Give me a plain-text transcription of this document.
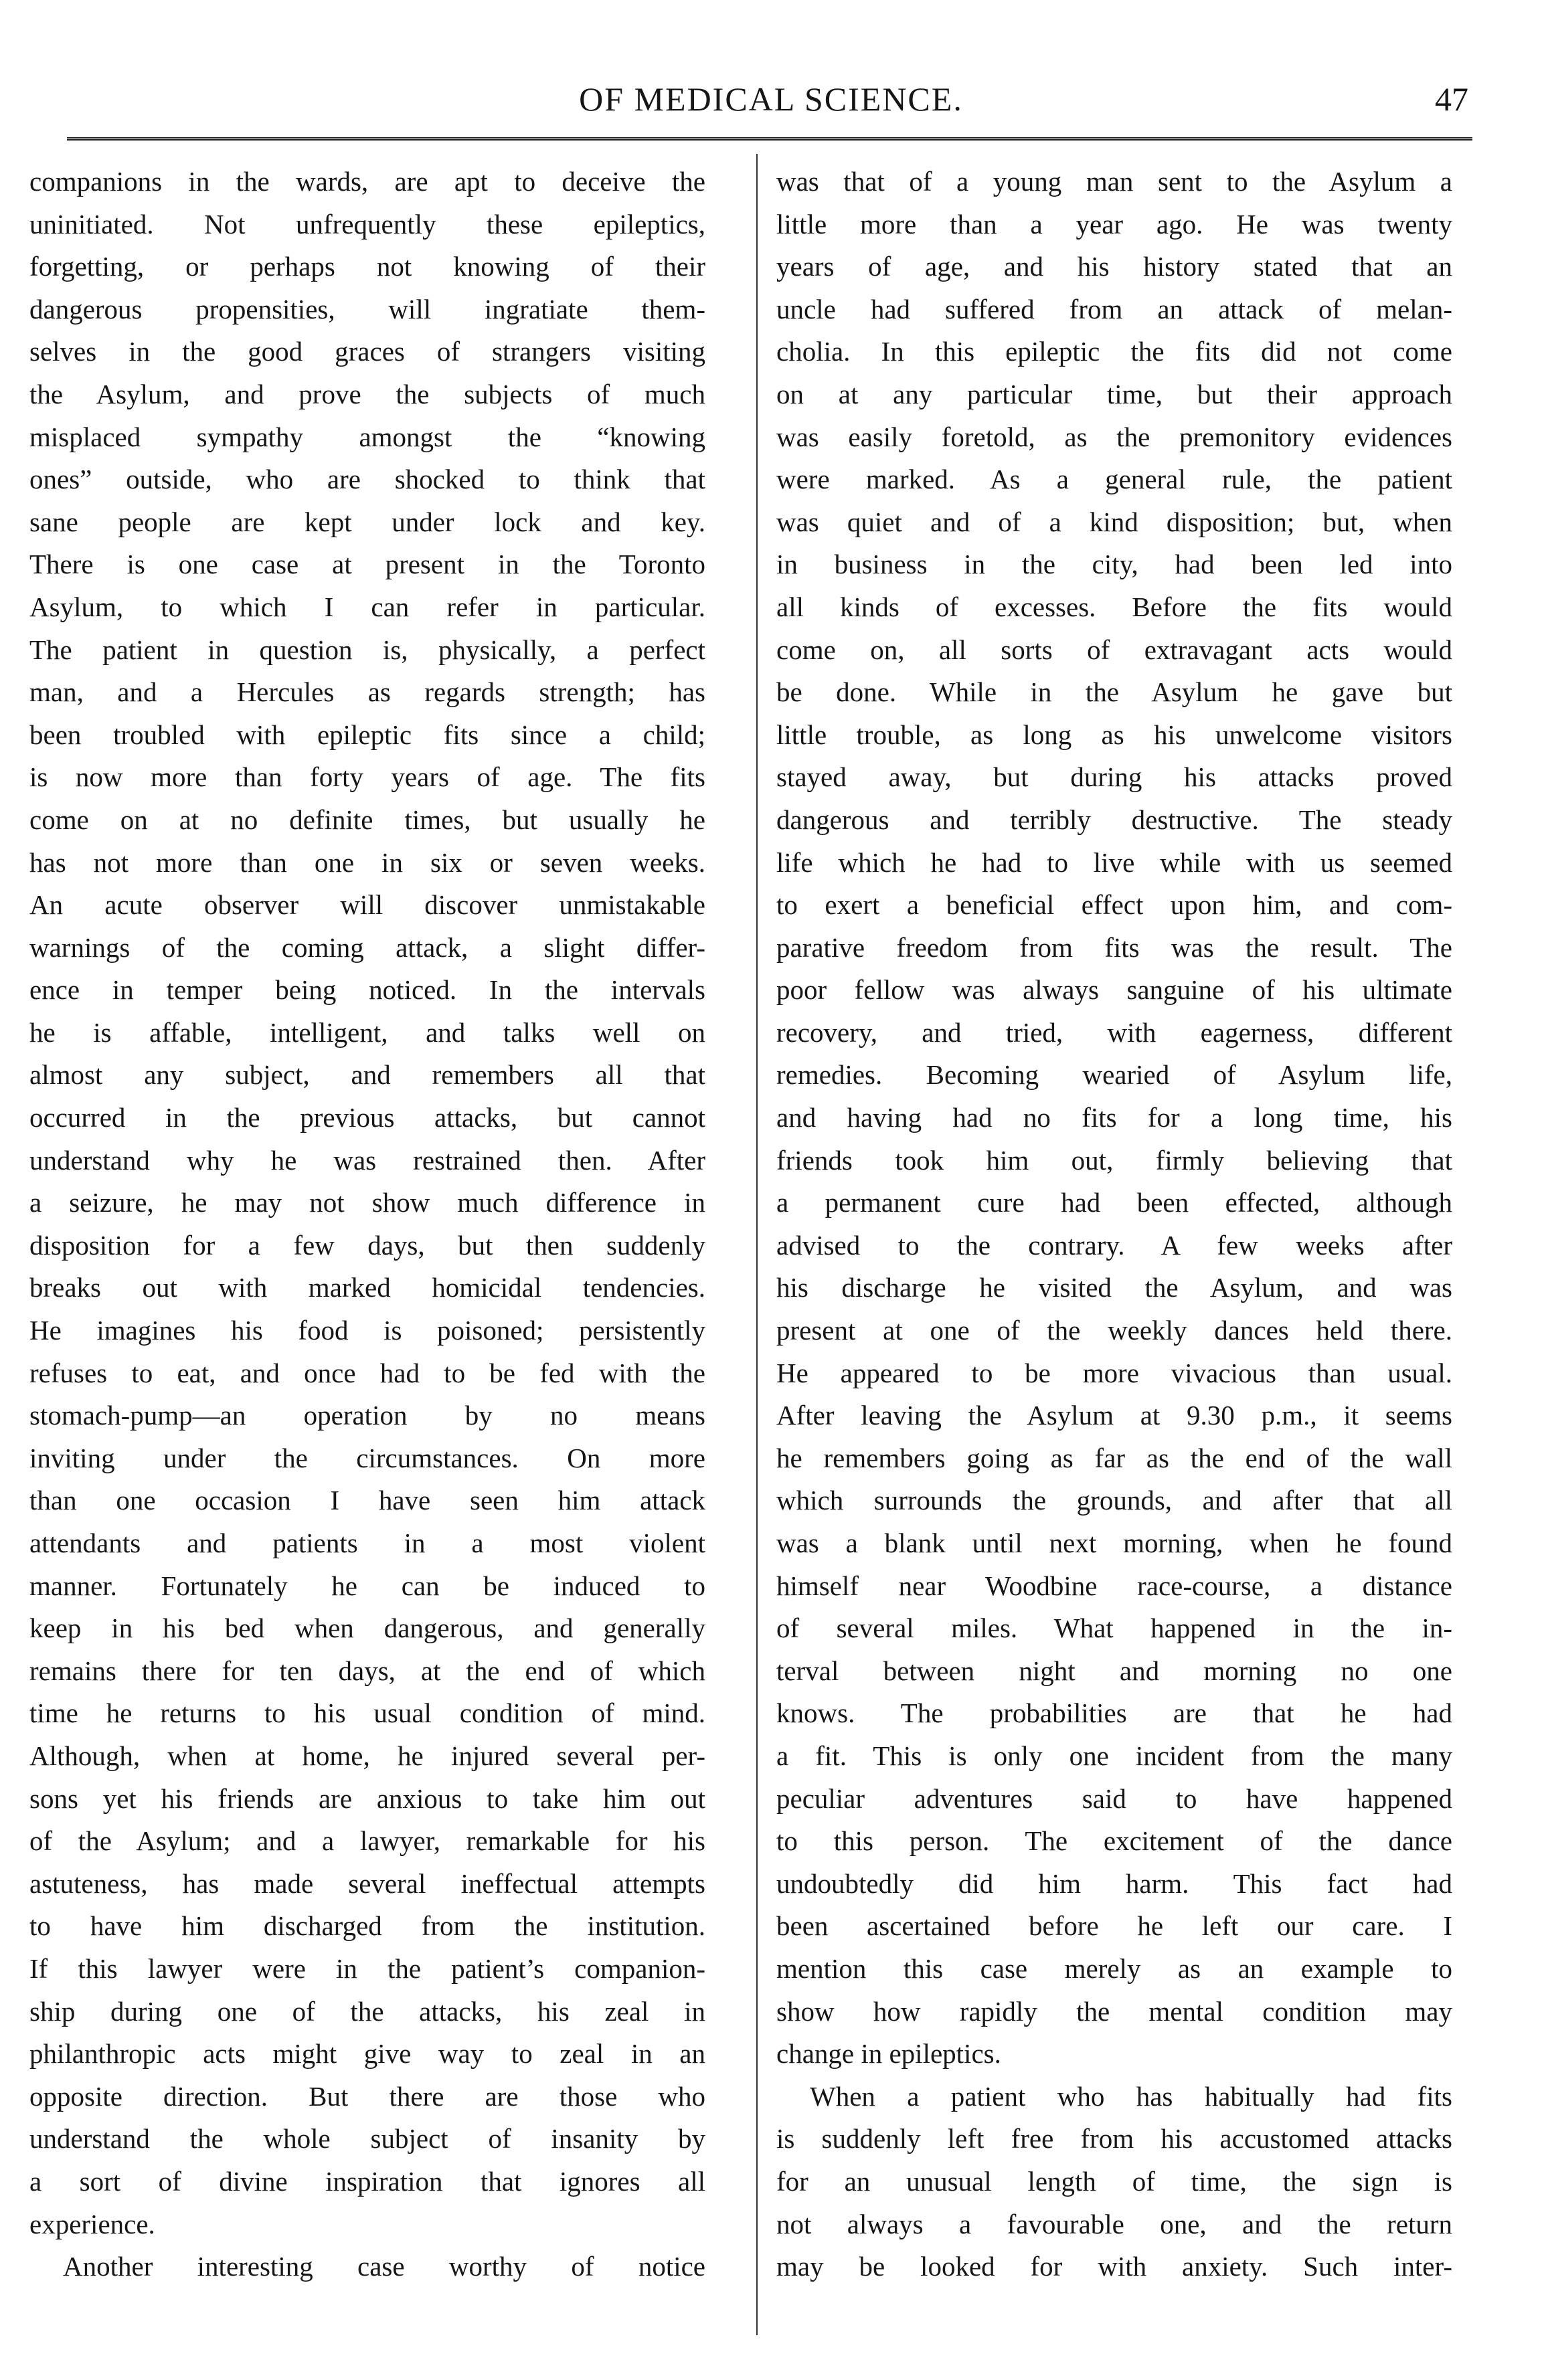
OF MEDICAL SCIENCE.	47
companions in the wards, are apt to deceive the
uninitiated. Not unfrequently these epileptics,
forgetting, or perhaps not knowing of their
dangerous propensities, will ingratiate them-
selves in the good graces of strangers visiting
the Asylum, and prove the subjects of much
misplaced sympathy amongst the “knowing
ones” outside, who are shocked to think that
sane people are kept under lock and key.
There is one case at present in the Toronto
Asylum, to which I can refer in particular.
The patient in question is, physically, a perfect
man, and a Hercules as regards strength; has
been troubled with epileptic fits since a child;
is now more than forty years of age. The fits
come on at no definite times, but usually he
has not more than one in six or seven weeks.
An acute observer will discover unmistakable
warnings of the coming attack, a slight differ-
ence in temper being noticed. In the intervals
he is affable, intelligent, and talks well on
almost any subject, and remembers all that
occurred in the previous attacks, but cannot
understand why he was restrained then. After
a seizure, he may not show much difference in
disposition for a few days, but then suddenly
breaks out with marked homicidal tendencies.
He imagines his food is poisoned; persistently
refuses to eat, and once had to be fed with the
stomach-pump—an operation by no means
inviting under the circumstances. On more
than one occasion I have seen him attack
attendants and patients in a most violent
manner. Fortunately he can be induced to
keep in his bed when dangerous, and generally
remains there for ten days, at the end of which
time he returns to his usual condition of mind.
Although, when at home, he injured several per-
sons yet his friends are anxious to take him out
of the Asylum; and a lawyer, remarkable for his
astuteness, has made several ineffectual attempts
to have him discharged from the institution.
If this lawyer were in the patient’s companion-
ship during one of the attacks, his zeal in
philanthropic acts might give way to zeal in an
opposite direction. But there are those who
understand the whole subject of insanity by
a sort of divine inspiration that ignores all
experience.
Another interesting case worthy of notice
was that of a young man sent to the Asylum a
little more than a year ago. He was twenty
years of age, and his history stated that an
uncle had suffered from an attack of melan-
cholia. In this epileptic the fits did not come
on at any particular time, but their approach
was easily foretold, as the premonitory evidences
were marked. As a general rule, the patient
was quiet and of a kind disposition; but, when
in business in the city, had been led into
all kinds of excesses. Before the fits would
come on, all sorts of extravagant acts would
be done. While in the Asylum he gave but
little trouble, as long as his unwelcome visitors
stayed away, but during his attacks proved
dangerous and terribly destructive. The steady
life which he had to live while with us seemed
to exert a beneficial effect upon him, and com-
parative freedom from fits was the result. The
poor fellow was always sanguine of his ultimate
recovery, and tried, with eagerness, different
remedies. Becoming wearied of Asylum life,
and having had no fits for a long time, his
friends took him out, firmly believing that
a permanent cure had been effected, although
advised to the contrary. A few weeks after
his discharge he visited the Asylum, and was
present at one of the weekly dances held there.
He appeared to be more vivacious than usual.
After leaving the Asylum at 9.30 p.m., it seems
he remembers going as far as the end of the wall
which surrounds the grounds, and after that all
was a blank until next morning, when he found
himself near Woodbine race-course, a distance
of several miles. What happened in the in-
terval between night and morning no one
knows. The probabilities are that he had
a fit. This is only one incident from the many
peculiar adventures said to have happened
to this person. The excitement of the dance
undoubtedly did him harm. This fact had
been ascertained before he left our care. I
mention this case merely as an example to
show how rapidly the mental condition may
change in epileptics.
When a patient who has habitually had fits
is suddenly left free from his accustomed attacks
for an unusual length of time, the sign is
not always a favourable one, and the return
may be looked for with anxiety. Such inter-
